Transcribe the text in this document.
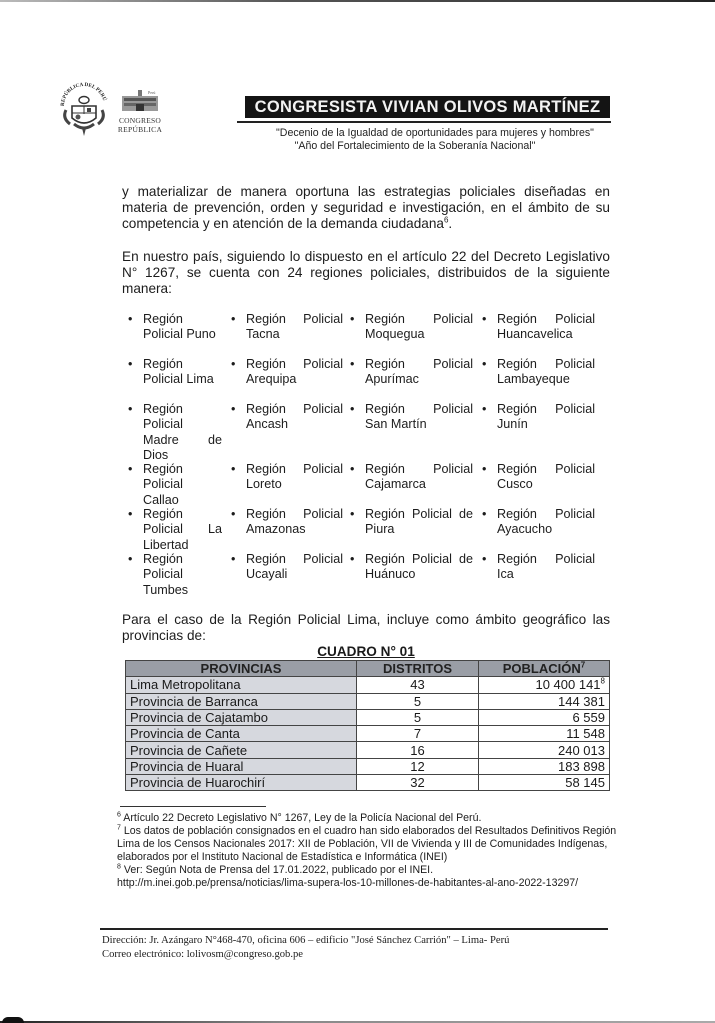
REPÚBLICA DEL PERÚ
Perú
CONGRESO
REPÚBLICA
CONGRESISTA VIVIAN OLIVOS MARTÍNEZ
"Decenio de la Igualdad de oportunidades para mujeres y hombres"
"Año del Fortalecimiento de la Soberanía Nacional"
y materializar de manera oportuna las estrategias policiales diseñadas en materia de prevención, orden y seguridad e investigación, en el ámbito de su competencia y en atención de la demanda ciudadana$^6$.
En nuestro país, siguiendo lo dispuesto en el artículo 22 del Decreto Legislativo N° 1267, se cuenta con 24 regiones policiales, distribuidos de la siguiente manera:
• Región Policial Puno
• Región Policial Tacna
• Región Policial Moquegua
• Región Policial Huancavelica
• Región Policial Lima
• Región Policial Arequipa
• Región Policial Apurímac
• Región Policial Lambayeque
• Región Policial Madre de Dios
• Región Policial Ancash
• Región Policial San Martín
• Región Policial Junín
• Región Policial Callao
• Región Policial Loreto
• Región Policial Cajamarca
• Región Policial Cusco
• Región Policial La Libertad
• Región Policial Amazonas
• Región Policial de Piura
• Región Policial Ayacucho
• Región Policial Tumbes
• Región Policial Ucayali
• Región Policial de Huánuco
• Región Policial Ica
Para el caso de la Región Policial Lima, incluye como ámbito geográfico las provincias de:
CUADRO N° 01
PROVINCIAS	DISTRITOS	POBLACIÓN$^7$
Lima Metropolitana	43	10 400 $141^8$
Provincia de Barranca	5	144 381
Provincia de Cajatambo	5	6 559
Provincia de Canta	7	11 548
Provincia de Cañete	16	240 013
Provincia de Huaral	12	183 898
Provincia de Huarochirí	32	58 145
$^6$ Artículo 22 Decreto Legislativo N° 1267, Ley de la Policía Nacional del Perú.
$^7$ Los datos de población consignados en el cuadro han sido elaborados del Resultados Definitivos Región Lima de los Censos Nacionales 2017: XII de Población, VII de Vivienda y III de Comunidades Indígenas, elaborados por el Instituto Nacional de Estadística e Informática (INEI)
$^8$ Ver: Según Nota de Prensa del 17.01.2022, publicado por el INEI.
http://m.inei.gob.pe/prensa/noticias/lima-supera-los-10-millones-de-habitantes-al-ano-2022-13297/
Dirección: Jr. Azángaro N°468-470, oficina 606 – edificio "José Sánchez Carrión" – Lima- Perú
Correo electrónico: lolivosm@congreso.gob.pe
